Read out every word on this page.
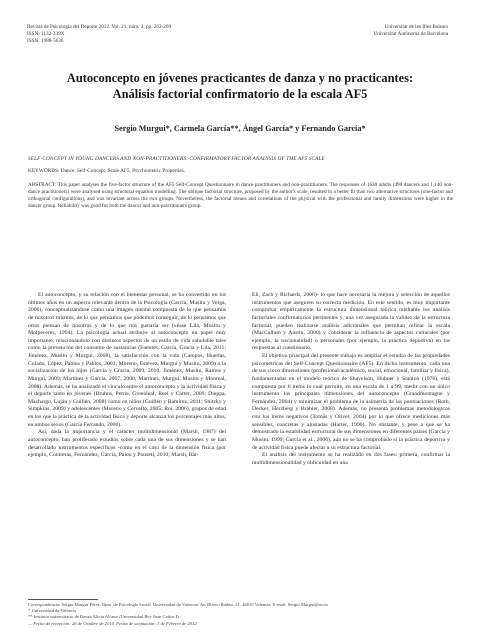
Revista de Psicología del Deporte 2012. Vol. 21, núm. 2, pp. 263-269
ISSN: 1132-239X
ISSN: 1988-5636
Universitat de les Illes Balears
Universitat Autònoma de Barcelona
Autoconcepto en jóvenes practicantes de danza y no practicantes:
Análisis factorial confirmatorio de la escala AF5
Sergio Murgui*, Carmela García**, Ángel García* y Fernando García*
SELF-CONCEPT IN YOUNG DANCERS AND NON-PRACTITIONERS: CONFIRMATORY FACTOR ANALYSIS OF THE AF5 SCALE
KEYWORDS: Dance, Self-Concept, Scale AF5, Psychometric Properties.
ABSTRACT: This paper analyses the five-factor structure of the AF5 Self-Concept Questionnaire in dance practitioners and non-practitioners. The responses of 1630 adults (490 dancers and 1,140 non-dance practitioners) were analysed using structural equation modelling. The oblique factorial structure, proposed by the author's scale, resulted in a better fit than two alternative structures (one-factor and orthogonal configurations), and was invariant across the two groups. Nevertheless, the factorial means and correlations of the physical with the professional and family dimensions were higher in the dancer group. Reliability was good for both the dancer and non-practitioners group.

El autoconcepto, y su relación con el bienestar personal, se ha convertido en los últimos años en un aspecto relevante dentro de la Psicología (García, Musitu y Veiga, 2006), conceptualizándose como una imagen mental compuesta de lo que pensamos de nosotros mismos, de lo que pensamos que podemos conseguir, de lo pensamos que otros piensan de nosotros y de lo que nos gustaría ser (véase Lila, Musitu y Molpeceres, 1994). La psicología actual atribuye al autoconcepto un papel muy importante, relacionándolo con distintos aspectos de un estilo de vida saludable tales como la prevención del consumo de sustancias (Fuentes, García, Gracia y Lila, 2011; Jiménez, Musitu y Murgui, 2008), la satisfacción con la vida (Campos, Huertas, Colado, López, Pablos y Pablos, 2003; Moreno, Estévez, Murgui y Musitu, 2009) o la socialización de los hijos (García y Gracia, 2009, 2010; Jiménez, Musitu, Ramos y Murgui, 2009; Martínez y García, 2007, 2008; Martínez, Murgui, Musitu y Monreal, 2008). Además, se ha analizado el vínculo entre el autoconcepto y la actividad física y el deporte tanto en jóvenes (Bruhns, Petrie, Greenleaf, Reel y Carter, 2009; Dieppa, Machargo, Luján y Guillén, 2008) como en niños (Guillén y Ramírez, 2011; Shitzky y Simpkins, 2009) y adolescentes (Moreno y Cervelló, 2005; Roi, 2006), grupos de edad en los que la práctica de la actividad física y deporte alcanza los porcentajes más altos, en ambos sexos (García Ferrando, 2006).

Así, dada la importancia y el carácter multidimensional (Marsh, 1987) del autoconcepto, han proliferado estudios sobre cada una de sus dimensiones y se han desarrollado instrumentos específicos -como en el caso de la dimensión física (por ejemplo, Contreras, Fernández, García, Palou y Ponseti, 2010; Marsh, Bar-

Eli, Zach y Richards, 2006)- lo que hace necesaria la mejora y selección de aquellos instrumentos que aseguren su correcta medición. En este sentido, es muy importante comprobar empíricamente la estructura dimensional teórica mediante los análisis factoriales confirmatorios pertinentes y, una vez asegurada la validez de la estructura factorial, pueden realizarse análisis adicionales que permitan refinar la escala (MacCallum y Austin, 2000) y considerar la influencia de aspectos culturales (por ejemplo, la nacionalidad) o personales (por ejemplo, la práctica deportiva) en las respuestas al cuestionario.

El objetivo principal del presente trabajo es ampliar el estudio de las propiedades psicométricas del Self-Concept Questionnaire (AF5). En dicho instrumento, cada una de sus cinco dimensiones (profesional/académico, social, emocional, familiar y física), fundamentadas en el modelo teórico de Shavelson, Hubner y Stanton (1976), está compuesta por 6 ítems lo cual permite, en una escala de 1 a 99, medir con un único instrumento las principales dimensiones del autoconcepto (Grandmontagne y Fernández, 2004) y minimizar el problema de la asimetría de las puntuaciones (Roth, Decker, Herzberg y Brähler, 2008). Además, no presenta problemas metodológicos con los ítems negativos (Tomás y Oliver, 2004) por lo que ofrece mediciones más sensibles, concretas y ajustadas (Harter, 1990). No obstante, y pese a que se ha demostrado la estabilidad estructural de sus dimensiones en diferentes países (García y Musitu, 1999; García et al., 2006), aún no se ha comprobado si la práctica deportiva y de actividad física puede afectar a su estructura factorial.

El análisis del instrumento se ha realizado en dos fases: primera, confirmar la multidimensionalidad y oblicuidad en una

Correspondencia: Sergio Murgui Pérez. Dpto. de Psicología Social. Universidad de Valencia. Av. Blasco Ibáñez, 21. 46010 Valencia. E-mail: Sergio.Murgui@uv.es
* Universidad de Valencia
** Instituto universitario de Danza Alicia Alonso (Universidad Rey Juan Carlos I)
— Fecha de recepción: 26 de Octubre de 2010. Fecha de aceptación: 3 de Febrero de 2012.
